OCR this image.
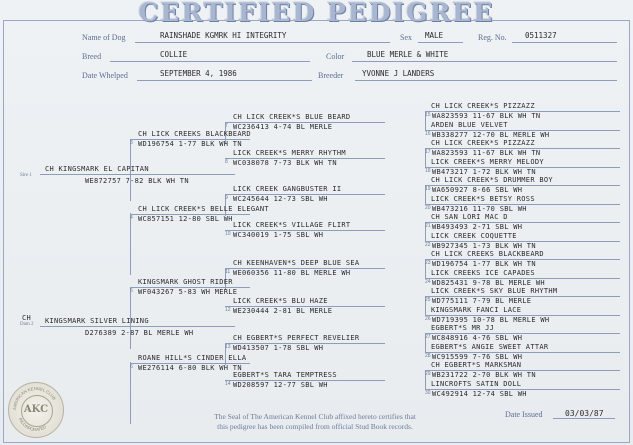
CERTIFIED PEDIGREE
Name of Dog	RAINSHADE KGMRK HI INTEGRITY	Sex MALE	Reg. No. 0511327
Breed	COLLIE	Color	BLUE MERLE & WHITE
Date Whelped	SEPTEMBER 4, 1986	Breeder YVONNE J LANDERS
CH KINGSMARK EL CAPITAN
WE872757 7-82 BLK WH TN
KINGSMARK SILVER LINING
D276389 2-87 BL MERLE WH
CH
CH LICK CREEKS BLACKBEARD
3 WD196754 1-77 BLK WH TN
CH LICK CREEK*S BELLE ELEGANT
4 WC857151 12-80 SBL WH
KINGSMARK GHOST RIDER
5 WF043267 5-83 WH MERLE
ROANE HILL*S CINDER ELLA
6 WE276114 6-80 BLK WH TN
CH LICK CREEK*S BLUE BEARD
7 WC236413 4-74 BL MERLE
LICK CREEK*S MERRY RHYTHM
8 WC038078 7-73 BLK WH TN
LICK CREEK GANGBUSTER II
9 WC245644 12-73 SBL WH
LICK CREEK*S VILLAGE FLIRT
10 WC340019 1-75 SBL WH
CH KEENHAVEN*S DEEP BLUE SEA
11 WE060356 11-80 BL MERLE WH
LICK CREEK*S BLU HAZE
12 WE230444 2-81 BL MERLE
CH EGBERT*S PERFECT REVELIER
13 WD413507 1-78 SBL WH
EGBERT*S TARA TEMPTRESS
14 WD208597 12-77 SBL WH
CH LICK CREEK*S PIZZAZZ
15 WA823593 11-67 BLK WH TN
ARDEN BLUE VELVET
16 WB338277 12-70 BL MERLE WH
CH LICK CREEK*S PIZZAZZ
17 WA823593 11-67 BLK WH TN
LICK CREEK*S MERRY MELODY
18 WB473217 1-72 BLK WH TN
CH LICK CREEK*S DRUMMER BOY
19 WA650927 8-66 SBL WH
LICK CREEK*S BETSY ROSS
20 WB473216 11-70 SBL WH
CH SAN LORI MAC D
21 WB493493 2-71 SBL WH
LICK CREEK COQUETTE
22 WB927345 1-73 BLK WH TN
CH LICK CREEKS BLACKBEARD
23 WD196754 1-77 BLK WH TN
LICK CREEKS ICE CAPADES
24 WD825431 9-78 BL MERLE WH
LICK CREEK*S SKY BLUE RHYTHM
25 WD775111 7-79 BL MERLE
KINGSMARK FANCI LACE
26 WD719395 10-78 BL MERLE WH
EGBERT*S MR JJ
27 WC848916 4-76 SBL WH
EGBERT*S ANGIE SWEET ATTAR
28 WC915599 7-76 SBL WH
CH EGBERT*S MARKSMAN
29 WB231722 2-70 BLK WH TN
LINCROFTS SATIN DOLL
30 WC492914 12-74 SBL WH
Sire 1
Dam 2
AKC
AMERICAN KENNEL CLUB
INCORPORATED
The Seal of The American Kennel Club affixed hereto certifies that
this pedigree has been compiled from official Stud Book records.
Date Issued	03/03/87
